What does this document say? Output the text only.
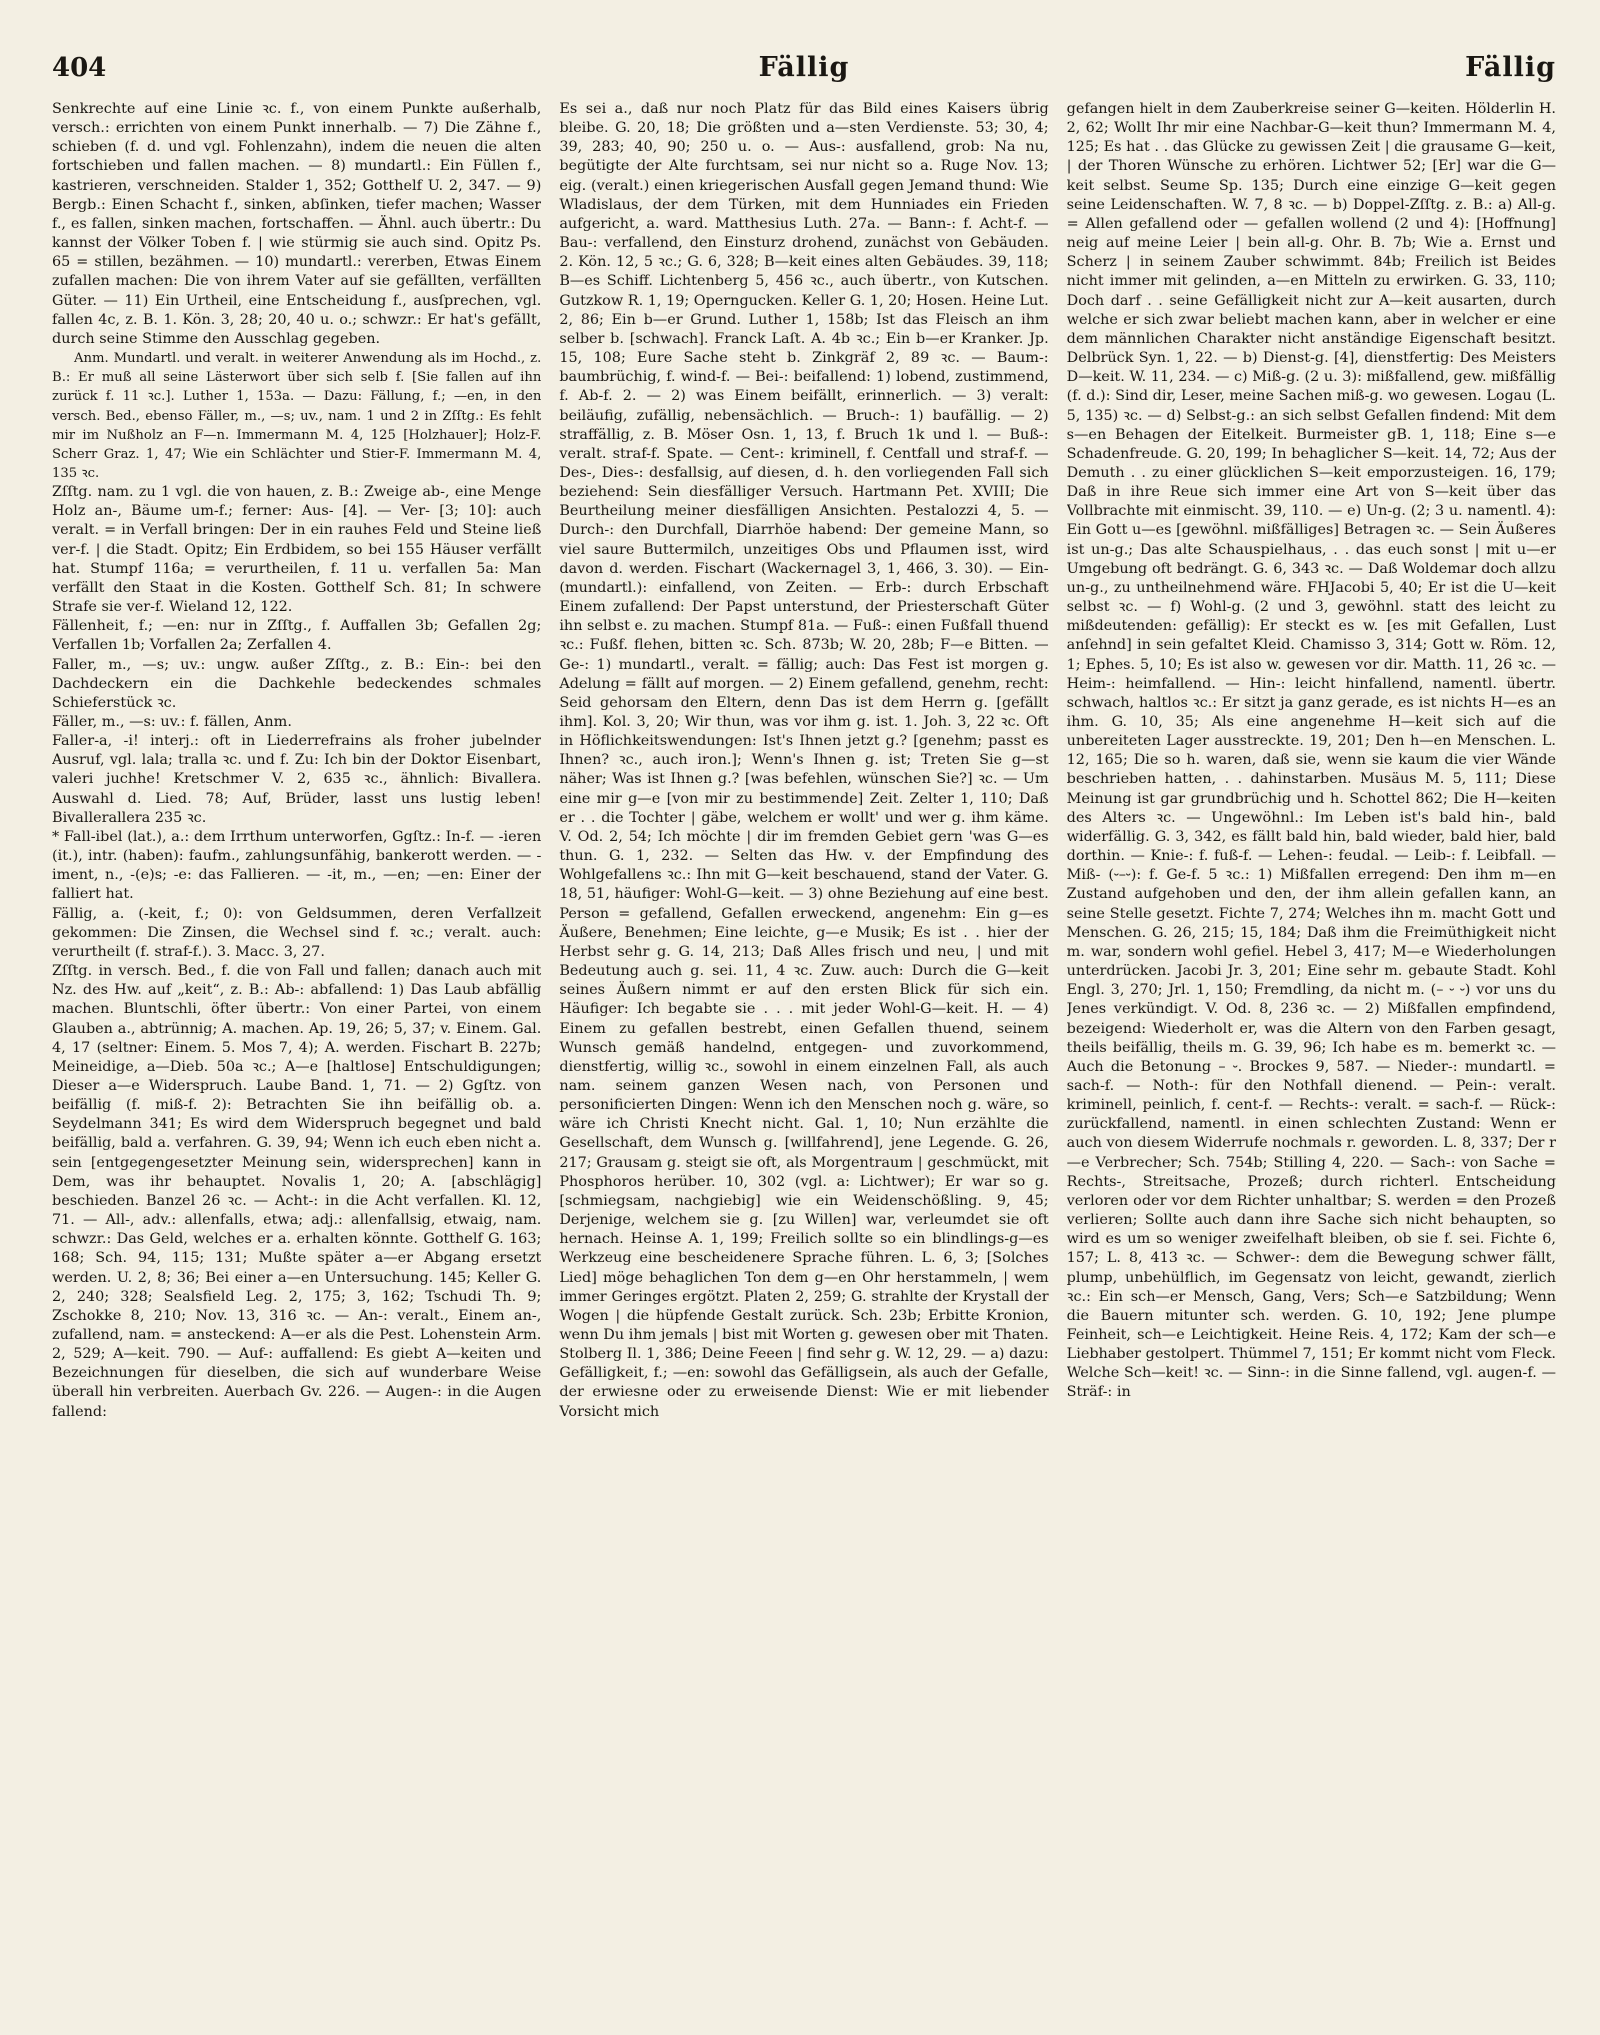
404	Fällig	Fällig

Senkrechte auf eine Linie ꝛc. f., von einem Punkte außerhalb, versch.: errichten von einem Punkt innerhalb. — 7) Die Zähne f., schieben (f. d. und vgl. Fohlenzahn), indem die neuen die alten fortschieben und fallen machen. — 8) mundartl.: Ein Füllen f., kastrieren, verschneiden. Stalder 1, 352; Gotthelf U. 2, 347. — 9) Bergb.: Einen Schacht f., sinken, abſinken, tiefer machen; Wasser f., es fallen, sinken machen, fortschaffen. — Ähnl. auch übertr.: Du kannst der Völker Toben f. | wie stürmig sie auch sind. Opitz Ps. 65 = stillen, bezähmen. — 10) mundartl.: vererben, Etwas Einem zufallen machen: Die von ihrem Vater auf sie gefällten, verfällten Güter. — 11) Ein Urtheil, eine Entscheidung f., ausſprechen, vgl. fallen 4c, z. B. 1. Kön. 3, 28; 20, 40 u. o.; schwzr.: Er hat's gefällt, durch seine Stimme den Ausschlag gegeben.

Anm. Mundartl. und veralt. in weiterer Anwendung als im Hochd., z. B.: Er muß all seine Lästerwort über sich selb f. [Sie fallen auf ihn zurück f. 11 ꝛc.]. Luther 1, 153a. — Dazu: Fällung, f.; —en, in den versch. Bed., ebenso Fäller, m., —s; uv., nam. 1 und 2 in Zſſtg.: Es fehlt mir im Nußholz an F—n. Immermann M. 4, 125 [Holzhauer]; Holz-F. Scherr Graz. 1, 47; Wie ein Schlächter und Stier-F. Immermann M. 4, 135 ꝛc.

Zſſtg. nam. zu 1 vgl. die von hauen, z. B.: Zweige ab-, eine Menge Holz an-, Bäume um-f.; ferner: Aus- [4]. — Ver- [3; 10]: auch veralt. = in Verfall bringen: Der in ein rauhes Feld und Steine ließ ver-f. | die Stadt. Opitz; Ein Erdbidem, so bei 155 Häuser verfällt hat. Stumpf 116a; = verurtheilen, f. 11 u. verfallen 5a: Man verfällt den Staat in die Kosten. Gotthelf Sch. 81; In schwere Strafe sie ver-f. Wieland 12, 122.

Fällenheit, f.; —en: nur in Zſſtg., f. Auffallen 3b; Gefallen 2g; Verfallen 1b; Vorfallen 2a; Zerfallen 4.

Faller, m., —s; uv.: ungw. außer Zſſtg., z. B.: Ein-: bei den Dachdeckern ein die Dachkehle bedeckendes schmales Schieferstück ꝛc.

Fäller, m., —s: uv.: f. fällen, Anm.

Faller-a, -i! interj.: oft in Liederrefrains als froher jubelnder Ausruf, vgl. lala; tralla ꝛc. und f. Zu: Ich bin der Doktor Eisenbart, valeri juchhe! Kretschmer V. 2, 635 ꝛc., ähnlich: Bivallera. Auswahl d. Lied. 78; Auf, Brüder, lasst uns lustig leben! Bivallerallera 235 ꝛc.

* Fall-ibel (lat.), a.: dem Irrthum unterworfen, Ggſtz.: In-f. — -ieren (it.), intr. (haben): faufm., zahlungsunfähig, bankerott werden. — -iment, n., -(e)s; -e: das Fallieren. — -it, m., —en; —en: Einer der falliert hat.

Fällig, a. (-keit, f.; 0): von Geldsummen, deren Verfallzeit gekommen: Die Zinsen, die Wechsel sind f. ꝛc.; veralt. auch: verurtheilt (f. straf-f.). 3. Macc. 3, 27.

Zſſtg. in versch. Bed., f. die von Fall und fallen; danach auch mit Nz. des Hw. auf „keit“, z. B.: Ab-: abfallend: 1) Das Laub abfällig machen. Bluntschli, öfter übertr.: Von einer Partei, von einem Glauben a., abtrünnig; A. machen. Ap. 19, 26; 5, 37; v. Einem. Gal. 4, 17 (seltner: Einem. 5. Mos 7, 4); A. werden. Fischart B. 227b; Meineidige, a—Dieb. 50a ꝛc.; A—e [haltlose] Entschuldigungen; Dieser a—e Widerspruch. Laube Band. 1, 71. — 2) Ggſtz. von beifällig (f. miß-f. 2): Betrachten Sie ihn beifällig ob. a. Seydelmann 341; Es wird dem Widerspruch begegnet und bald beifällig, bald a. verfahren. G. 39, 94; Wenn ich euch eben nicht a. sein [entgegengesetzter Meinung sein, widersprechen] kann in Dem, was ihr behauptet. Novalis 1, 20; A. [abschlägig] beschieden. Banzel 26 ꝛc. — Acht-: in die Acht verfallen. Kl. 12, 71. — All-, adv.: allenfalls, etwa; adj.: allenfallsig, etwaig, nam. schwzr.: Das Geld, welches er a. erhalten könnte. Gotthelf G. 163; 168; Sch. 94, 115; 131; Mußte später a—er Abgang ersetzt werden. U. 2, 8; 36; Bei einer a—en Untersuchung. 145; Keller G. 2, 240; 328; Sealsfield Leg. 2, 175; 3, 162; Tschudi Th. 9; Zschokke 8, 210; Nov. 13, 316 ꝛc. — An-: veralt., Einem an-, zufallend, nam. = ansteckend: A—er als die Pest. Lohenstein Arm. 2, 529; A—keit. 790. — Auf-: auffallend: Es giebt A—keiten und Bezeichnungen für dieselben, die sich auf wunderbare Weise überall hin verbreiten. Auerbach Gv. 226. — Augen-: in die Augen fallend:

Es sei a., daß nur noch Platz für das Bild eines Kaisers übrig bleibe. G. 20, 18; Die größten und a—sten Verdienste. 53; 30, 4; 39, 283; 40, 90; 250 u. o. — Aus-: ausfallend, grob: Na nu, begütigte der Alte furchtsam, sei nur nicht so a. Ruge Nov. 13; eig. (veralt.) einen kriegerischen Ausfall gegen Jemand thund: Wie Wladislaus, der dem Türken, mit dem Hunniades ein Frieden aufgericht, a. ward. Matthesius Luth. 27a. — Bann-: f. Acht-f. — Bau-: verfallend, den Einsturz drohend, zunächst von Gebäuden. 2. Kön. 12, 5 ꝛc.; G. 6, 328; B—keit eines alten Gebäudes. 39, 118; B—es Schiff. Lichtenberg 5, 456 ꝛc., auch übertr., von Kutschen. Gutzkow R. 1, 19; Operngucken. Keller G. 1, 20; Hosen. Heine Lut. 2, 86; Ein b—er Grund. Luther 1, 158b; Ist das Fleisch an ihm selber b. [schwach]. Franck Laſt. A. 4b ꝛc.; Ein b—er Kranker. Jp. 15, 108; Eure Sache steht b. Zinkgräf 2, 89 ꝛc. — Baum-: baumbrüchig, f. wind-f. — Bei-: beifallend: 1) lobend, zustimmend, f. Ab-f. 2. — 2) was Einem beifällt, erinnerlich. — 3) veralt: beiläufig, zufällig, nebensächlich. — Bruch-: 1) baufällig. — 2) straffällig, z. B. Möser Osn. 1, 13, f. Bruch 1k und l. — Buß-: veralt. straf-f. Spate. — Cent-: kriminell, f. Centfall und straf-f. — Des-, Dies-: desfallsig, auf diesen, d. h. den vorliegenden Fall sich beziehend: Sein diesfälliger Versuch. Hartmann Pet. XVIII; Die Beurtheilung meiner diesfälligen Ansichten. Pestalozzi 4, 5. — Durch-: den Durchfall, Diarrhöe habend: Der gemeine Mann, so viel saure Buttermilch, unzeitiges Obs und Pflaumen isst, wird davon d. werden. Fischart (Wackernagel 3, 1, 466, 3. 30). — Ein- (mundartl.): einfallend, von Zeiten. — Erb-: durch Erbschaft Einem zufallend: Der Papst unterstund, der Priesterschaft Güter ihn selbst e. zu machen. Stumpf 81a. — Fuß-: einen Fußfall thuend ꝛc.: Fußf. flehen, bitten ꝛc. Sch. 873b; W. 20, 28b; F—e Bitten. — Ge-: 1) mundartl., veralt. = fällig; auch: Das Fest ist morgen g. Adelung = fällt auf morgen. — 2) Einem gefallend, genehm, recht: Seid gehorsam den Eltern, denn Das ist dem Herrn g. [gefällt ihm]. Kol. 3, 20; Wir thun, was vor ihm g. ist. 1. Joh. 3, 22 ꝛc. Oft in Höflichkeitswendungen: Ist's Ihnen jetzt g.? [genehm; passt es Ihnen? ꝛc., auch iron.]; Wenn's Ihnen g. ist; Treten Sie g—st näher; Was ist Ihnen g.? [was befehlen, wünschen Sie?] ꝛc. — Um eine mir g—e [von mir zu bestimmende] Zeit. Zelter 1, 110; Daß er . . die Tochter | gäbe, welchem er wollt' und wer g. ihm käme. V. Od. 2, 54; Ich möchte | dir im fremden Gebiet gern 'was G—es thun. G. 1, 232. — Selten das Hw. v. der Empfindung des Wohlgefallens ꝛc.: Ihn mit G—keit beschauend, stand der Vater. G. 18, 51, häufiger: Wohl-G—keit. — 3) ohne Beziehung auf eine best. Person = gefallend, Gefallen erweckend, angenehm: Ein g—es Äußere, Benehmen; Eine leichte, g—e Musik; Es ist . . hier der Herbst sehr g. G. 14, 213; Daß Alles frisch und neu, | und mit Bedeutung auch g. sei. 11, 4 ꝛc. Zuw. auch: Durch die G—keit seines Äußern nimmt er auf den ersten Blick für sich ein. Häufiger: Ich begabte sie . . . mit jeder Wohl-G—keit. H. — 4) Einem zu gefallen bestrebt, einen Gefallen thuend, seinem Wunsch gemäß handelnd, entgegen- und zuvorkommend, dienstfertig, willig ꝛc., sowohl in einem einzelnen Fall, als auch nam. seinem ganzen Wesen nach, von Personen und personificierten Dingen: Wenn ich den Menschen noch g. wäre, so wäre ich Christi Knecht nicht. Gal. 1, 10; Nun erzählte die Gesellschaft, dem Wunsch g. [willfahrend], jene Legende. G. 26, 217; Grausam g. steigt sie oft, als Morgentraum | geschmückt, mit Phosphoros herüber. 10, 302 (vgl. a: Lichtwer); Er war so g. [schmiegsam, nachgiebig] wie ein Weidenschößling. 9, 45; Derjenige, welchem sie g. [zu Willen] war, verleumdet sie oft hernach. Heinse A. 1, 199; Freilich sollte so ein blindlings-g—es Werkzeug eine bescheidenere Sprache führen. L. 6, 3; [Solches Lied] möge behaglichen Ton dem g—en Ohr herstammeln, | wem immer Geringes ergötzt. Platen 2, 259; G. strahlte der Krystall der Wogen | die hüpfende Gestalt zurück. Sch. 23b; Erbitte Kronion, wenn Du ihm jemals | bist mit Worten g. gewesen ober mit Thaten. Stolberg Il. 1, 386; Deine Feeen | find sehr g. W. 12, 29. — a) dazu: Gefälligkeit, f.; —en: sowohl das Gefälligsein, als auch der Gefalle, der erwiesne oder zu erweisende Dienst: Wie er mit liebender Vorsicht mich

gefangen hielt in dem Zauberkreise seiner G—keiten. Hölderlin H. 2, 62; Wollt Ihr mir eine Nachbar-G—keit thun? Immermann M. 4, 125; Es hat . . das Glücke zu gewissen Zeit | die grausame G—keit, | der Thoren Wünsche zu erhören. Lichtwer 52; [Er] war die G—keit selbst. Seume Sp. 135; Durch eine einzige G—keit gegen seine Leidenschaften. W. 7, 8 ꝛc. — b) Doppel-Zſſtg. z. B.: a) All-g. = Allen gefallend oder — gefallen wollend (2 und 4): [Hoffnung] neig auf meine Leier | bein all-g. Ohr. B. 7b; Wie a. Ernst und Scherz | in seinem Zauber schwimmt. 84b; Freilich ist Beides nicht immer mit gelinden, a—en Mitteln zu erwirken. G. 33, 110; Doch darf . . seine Gefälligkeit nicht zur A—keit ausarten, durch welche er sich zwar beliebt machen kann, aber in welcher er eine dem männlichen Charakter nicht anständige Eigenschaft besitzt. Delbrück Syn. 1, 22. — b) Dienst-g. [4], dienstfertig: Des Meisters D—keit. W. 11, 234. — c) Miß-g. (2 u. 3): mißfallend, gew. mißfällig (f. d.): Sind dir, Leser, meine Sachen miß-g. wo gewesen. Logau (L. 5, 135) ꝛc. — d) Selbst-g.: an sich selbst Gefallen findend: Mit dem s—en Behagen der Eitelkeit. Burmeister gB. 1, 118; Eine s—e Schadenfreude. G. 20, 199; In behaglicher S—keit. 14, 72; Aus der Demuth . . zu einer glücklichen S—keit emporzusteigen. 16, 179; Daß in ihre Reue sich immer eine Art von S—keit über das Vollbrachte mit einmischt. 39, 110. — e) Un-g. (2; 3 u. namentl. 4): Ein Gott u—es [gewöhnl. mißfälliges] Betragen ꝛc. — Sein Äußeres ist un-g.; Das alte Schauspielhaus, . . das euch sonst | mit u—er Umgebung oft bedrängt. G. 6, 343 ꝛc. — Daß Woldemar doch allzu un-g., zu untheilnehmend wäre. FHJacobi 5, 40; Er ist die U—keit selbst ꝛc. — f) Wohl-g. (2 und 3, gewöhnl. statt des leicht zu mißdeutenden: gefällig): Er steckt es w. [es mit Gefallen, Lust anſehnd] in sein gefaltet Kleid. Chamisso 3, 314; Gott w. Röm. 12, 1; Ephes. 5, 10; Es ist also w. gewesen vor dir. Matth. 11, 26 ꝛc. — Heim-: heimfallend. — Hin-: leicht hinfallend, namentl. übertr. schwach, haltlos ꝛc.: Er sitzt ja ganz gerade, es ist nichts H—es an ihm. G. 10, 35; Als eine angenehme H—keit sich auf die unbereiteten Lager ausstreckte. 19, 201; Den h—en Menschen. L. 12, 165; Die so h. waren, daß sie, wenn sie kaum die vier Wände beschrieben hatten, . . dahinstarben. Musäus M. 5, 111; Diese Meinung ist gar grundbrüchig und h. Schottel 862; Die H—keiten des Alters ꝛc. — Ungewöhnl.: Im Leben ist's bald hin-, bald widerfällig. G. 3, 342, es fällt bald hin, bald wieder, bald hier, bald dorthin. — Knie-: f. fuß-f. — Lehen-: feudal. — Leib-: f. Leibfall. — Miß- (⏑–⏑): f. Ge-f. 5 ꝛc.: 1) Mißfallen erregend: Den ihm m—en Zustand aufgehoben und den, der ihm allein gefallen kann, an seine Stelle gesetzt. Fichte 7, 274; Welches ihn m. macht Gott und Menschen. G. 26, 215; 15, 184; Daß ihm die Freimüthigkeit nicht m. war, sondern wohl gefiel. Hebel 3, 417; M—e Wiederholungen unterdrücken. Jacobi Jr. 3, 201; Eine sehr m. gebaute Stadt. Kohl Engl. 3, 270; Jrl. 1, 150; Fremdling, da nicht m. (– ⏑ ⏑) vor uns du Jenes verkündigt. V. Od. 8, 236 ꝛc. — 2) Mißfallen empfindend, bezeigend: Wiederholt er, was die Altern von den Farben gesagt, theils beifällig, theils m. G. 39, 96; Ich habe es m. bemerkt ꝛc. — Auch die Betonung – ⏑. Brockes 9, 587. — Nieder-: mundartl. = sach-f. — Noth-: für den Nothfall dienend. — Pein-: veralt. kriminell, peinlich, f. cent-f. — Rechts-: veralt. = sach-f. — Rück-: zurückfallend, namentl. in einen schlechten Zustand: Wenn er auch von diesem Widerrufe nochmals r. geworden. L. 8, 337; Der r—e Verbrecher; Sch. 754b; Stilling 4, 220. — Sach-: von Sache = Rechts-, Streitsache, Prozeß; durch richterl. Entscheidung verloren oder vor dem Richter unhaltbar; S. werden = den Prozeß verlieren; Sollte auch dann ihre Sache sich nicht behaupten, so wird es um so weniger zweifelhaft bleiben, ob sie f. sei. Fichte 6, 157; L. 8, 413 ꝛc. — Schwer-: dem die Bewegung schwer fällt, plump, unbehülflich, im Gegensatz von leicht, gewandt, zierlich ꝛc.: Ein sch—er Mensch, Gang, Vers; Sch—e Satzbildung; Wenn die Bauern mitunter sch. werden. G. 10, 192; Jene plumpe Feinheit, sch—e Leichtigkeit. Heine Reis. 4, 172; Kam der sch—e Liebhaber gestolpert. Thümmel 7, 151; Er kommt nicht vom Fleck. Welche Sch—keit! ꝛc. — Sinn-: in die Sinne fallend, vgl. augen-f. — Sträf-: in
